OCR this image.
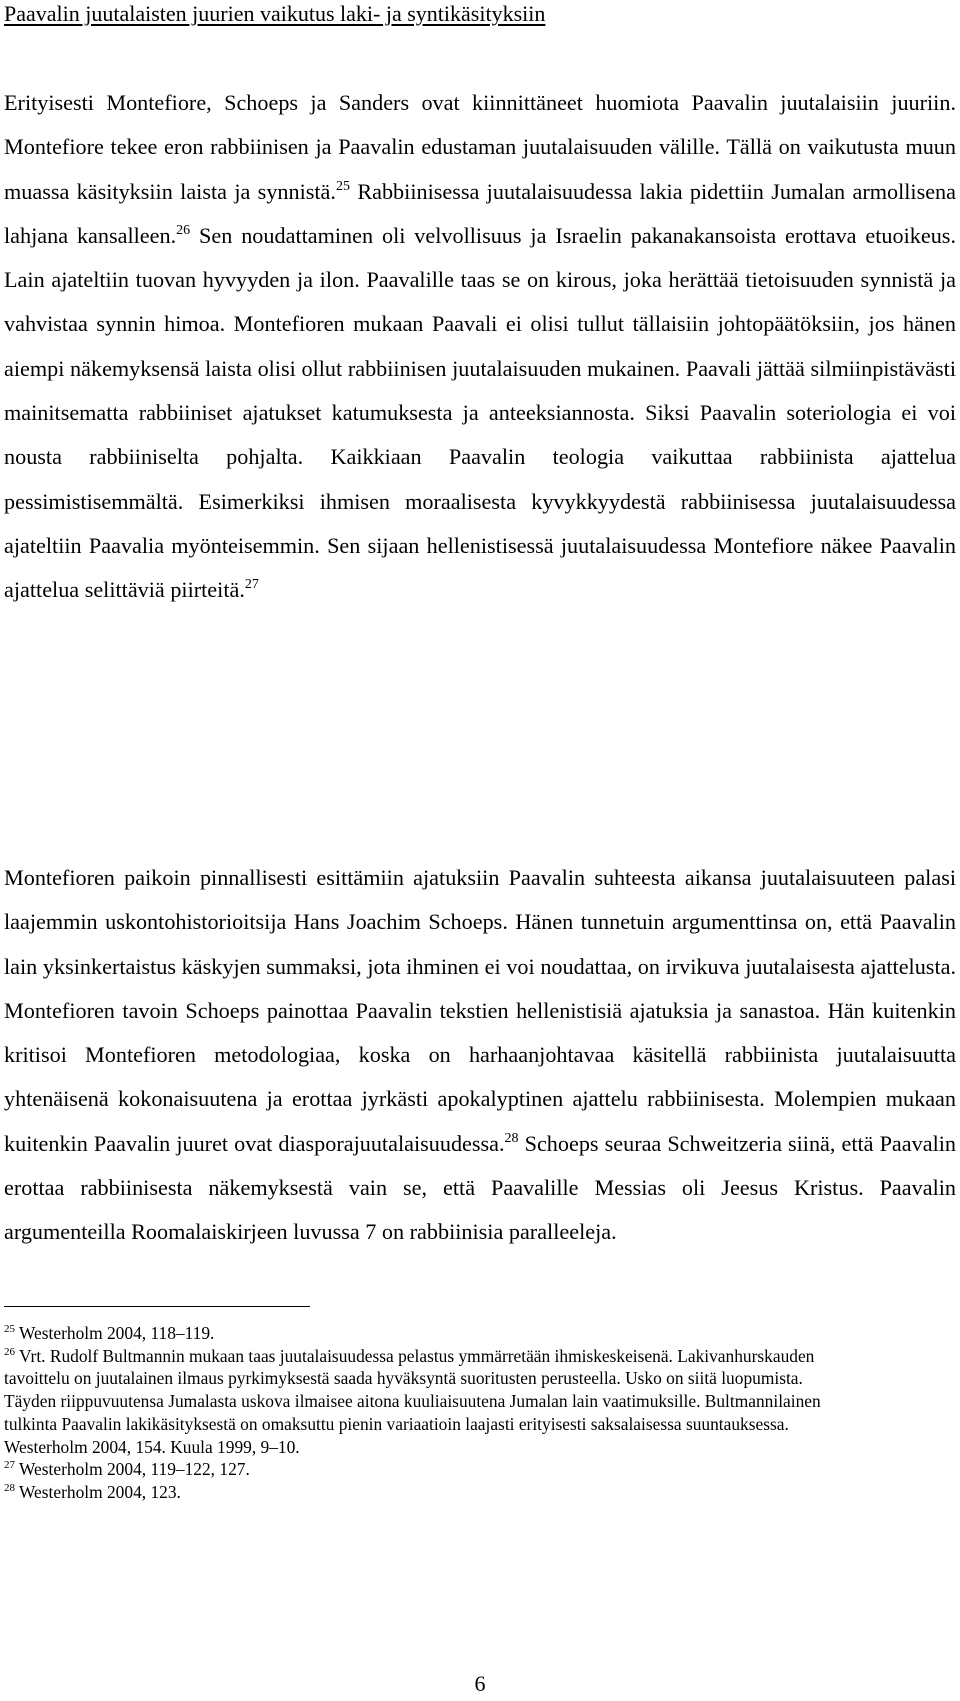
Paavalin juutalaisten juurien vaikutus laki- ja syntikäsityksiin
Erityisesti Montefiore, Schoeps ja Sanders ovat kiinnittäneet huomiota Paavalin juutalaisiin juuriin. Montefiore tekee eron rabbiinisen ja Paavalin edustaman juutalaisuuden välille. Tällä on vaikutusta muun muassa käsityksiin laista ja synnistä.$^{25}$ Rabbiinisessa juutalaisuudessa lakia pidettiin Jumalan armollisena lahjana kansalleen.$^{26}$ Sen noudattaminen oli velvollisuus ja Israelin pakanakansoista erottava etuoikeus. Lain ajateltiin tuovan hyvyyden ja ilon. Paavalille taas se on kirous, joka herättää tietoisuuden synnistä ja vahvistaa synnin himoa. Montefioren mukaan Paavali ei olisi tullut tällaisiin johtopäätöksiin, jos hänen aiempi näkemyksensä laista olisi ollut rabbiinisen juutalaisuuden mukainen. Paavali jättää silmiinpistävästi mainitsematta rabbiiniset ajatukset katumuksesta ja anteeksiannosta. Siksi Paavalin soteriologia ei voi nousta rabbiiniselta pohjalta. Kaikkiaan Paavalin teologia vaikuttaa rabbiinista ajattelua pessimistisemmältä. Esimerkiksi ihmisen moraalisesta kyvykkyydestä rabbiinisessa juutalaisuudessa ajateltiin Paavalia myönteisemmin. Sen sijaan hellenistisessä juutalaisuudessa Montefiore näkee Paavalin ajattelua selittäviä piirteitä.$^{27}$
Montefioren paikoin pinnallisesti esittämiin ajatuksiin Paavalin suhteesta aikansa juutalaisuuteen palasi laajemmin uskontohistorioitsija Hans Joachim Schoeps. Hänen tunnetuin argumenttinsa on, että Paavalin lain yksinkertaistus käskyjen summaksi, jota ihminen ei voi noudattaa, on irvikuva juutalaisesta ajattelusta. Montefioren tavoin Schoeps painottaa Paavalin tekstien hellenistisiä ajatuksia ja sanastoa. Hän kuitenkin kritisoi Montefioren metodologiaa, koska on harhaanjohtavaa käsitellä rabbiinista juutalaisuutta yhtenäisenä kokonaisuutena ja erottaa jyrkästi apokalyptinen ajattelu rabbiinisesta. Molempien mukaan kuitenkin Paavalin juuret ovat diasporajuutalaisuudessa.$^{28}$ Schoeps seuraa Schweitzeria siinä, että Paavalin erottaa rabbiinisesta näkemyksestä vain se, että Paavalille Messias oli Jeesus Kristus. Paavalin argumenteilla Roomalaiskirjeen luvussa 7 on rabbiinisia paralleeleja.
$^{25}$ Westerholm 2004, 118–119.
$^{26}$ Vrt. Rudolf Bultmannin mukaan taas juutalaisuudessa pelastus ymmärretään ihmiskeskeisenä. Lakivanhurskauden tavoittelu on juutalainen ilmaus pyrkimyksestä saada hyväksyntä suoritusten perusteella. Usko on siitä luopumista. Täyden riippuvuutensa Jumalasta uskova ilmaisee aitona kuuliaisuutena Jumalan lain vaatimuksille. Bultmannilainen tulkinta Paavalin lakikäsityksestä on omaksuttu pienin variaatioin laajasti erityisesti saksalaisessa suuntauksessa. Westerholm 2004, 154. Kuula 1999, 9–10.
$^{27}$ Westerholm 2004, 119–122, 127.
$^{28}$ Westerholm 2004, 123.
6
